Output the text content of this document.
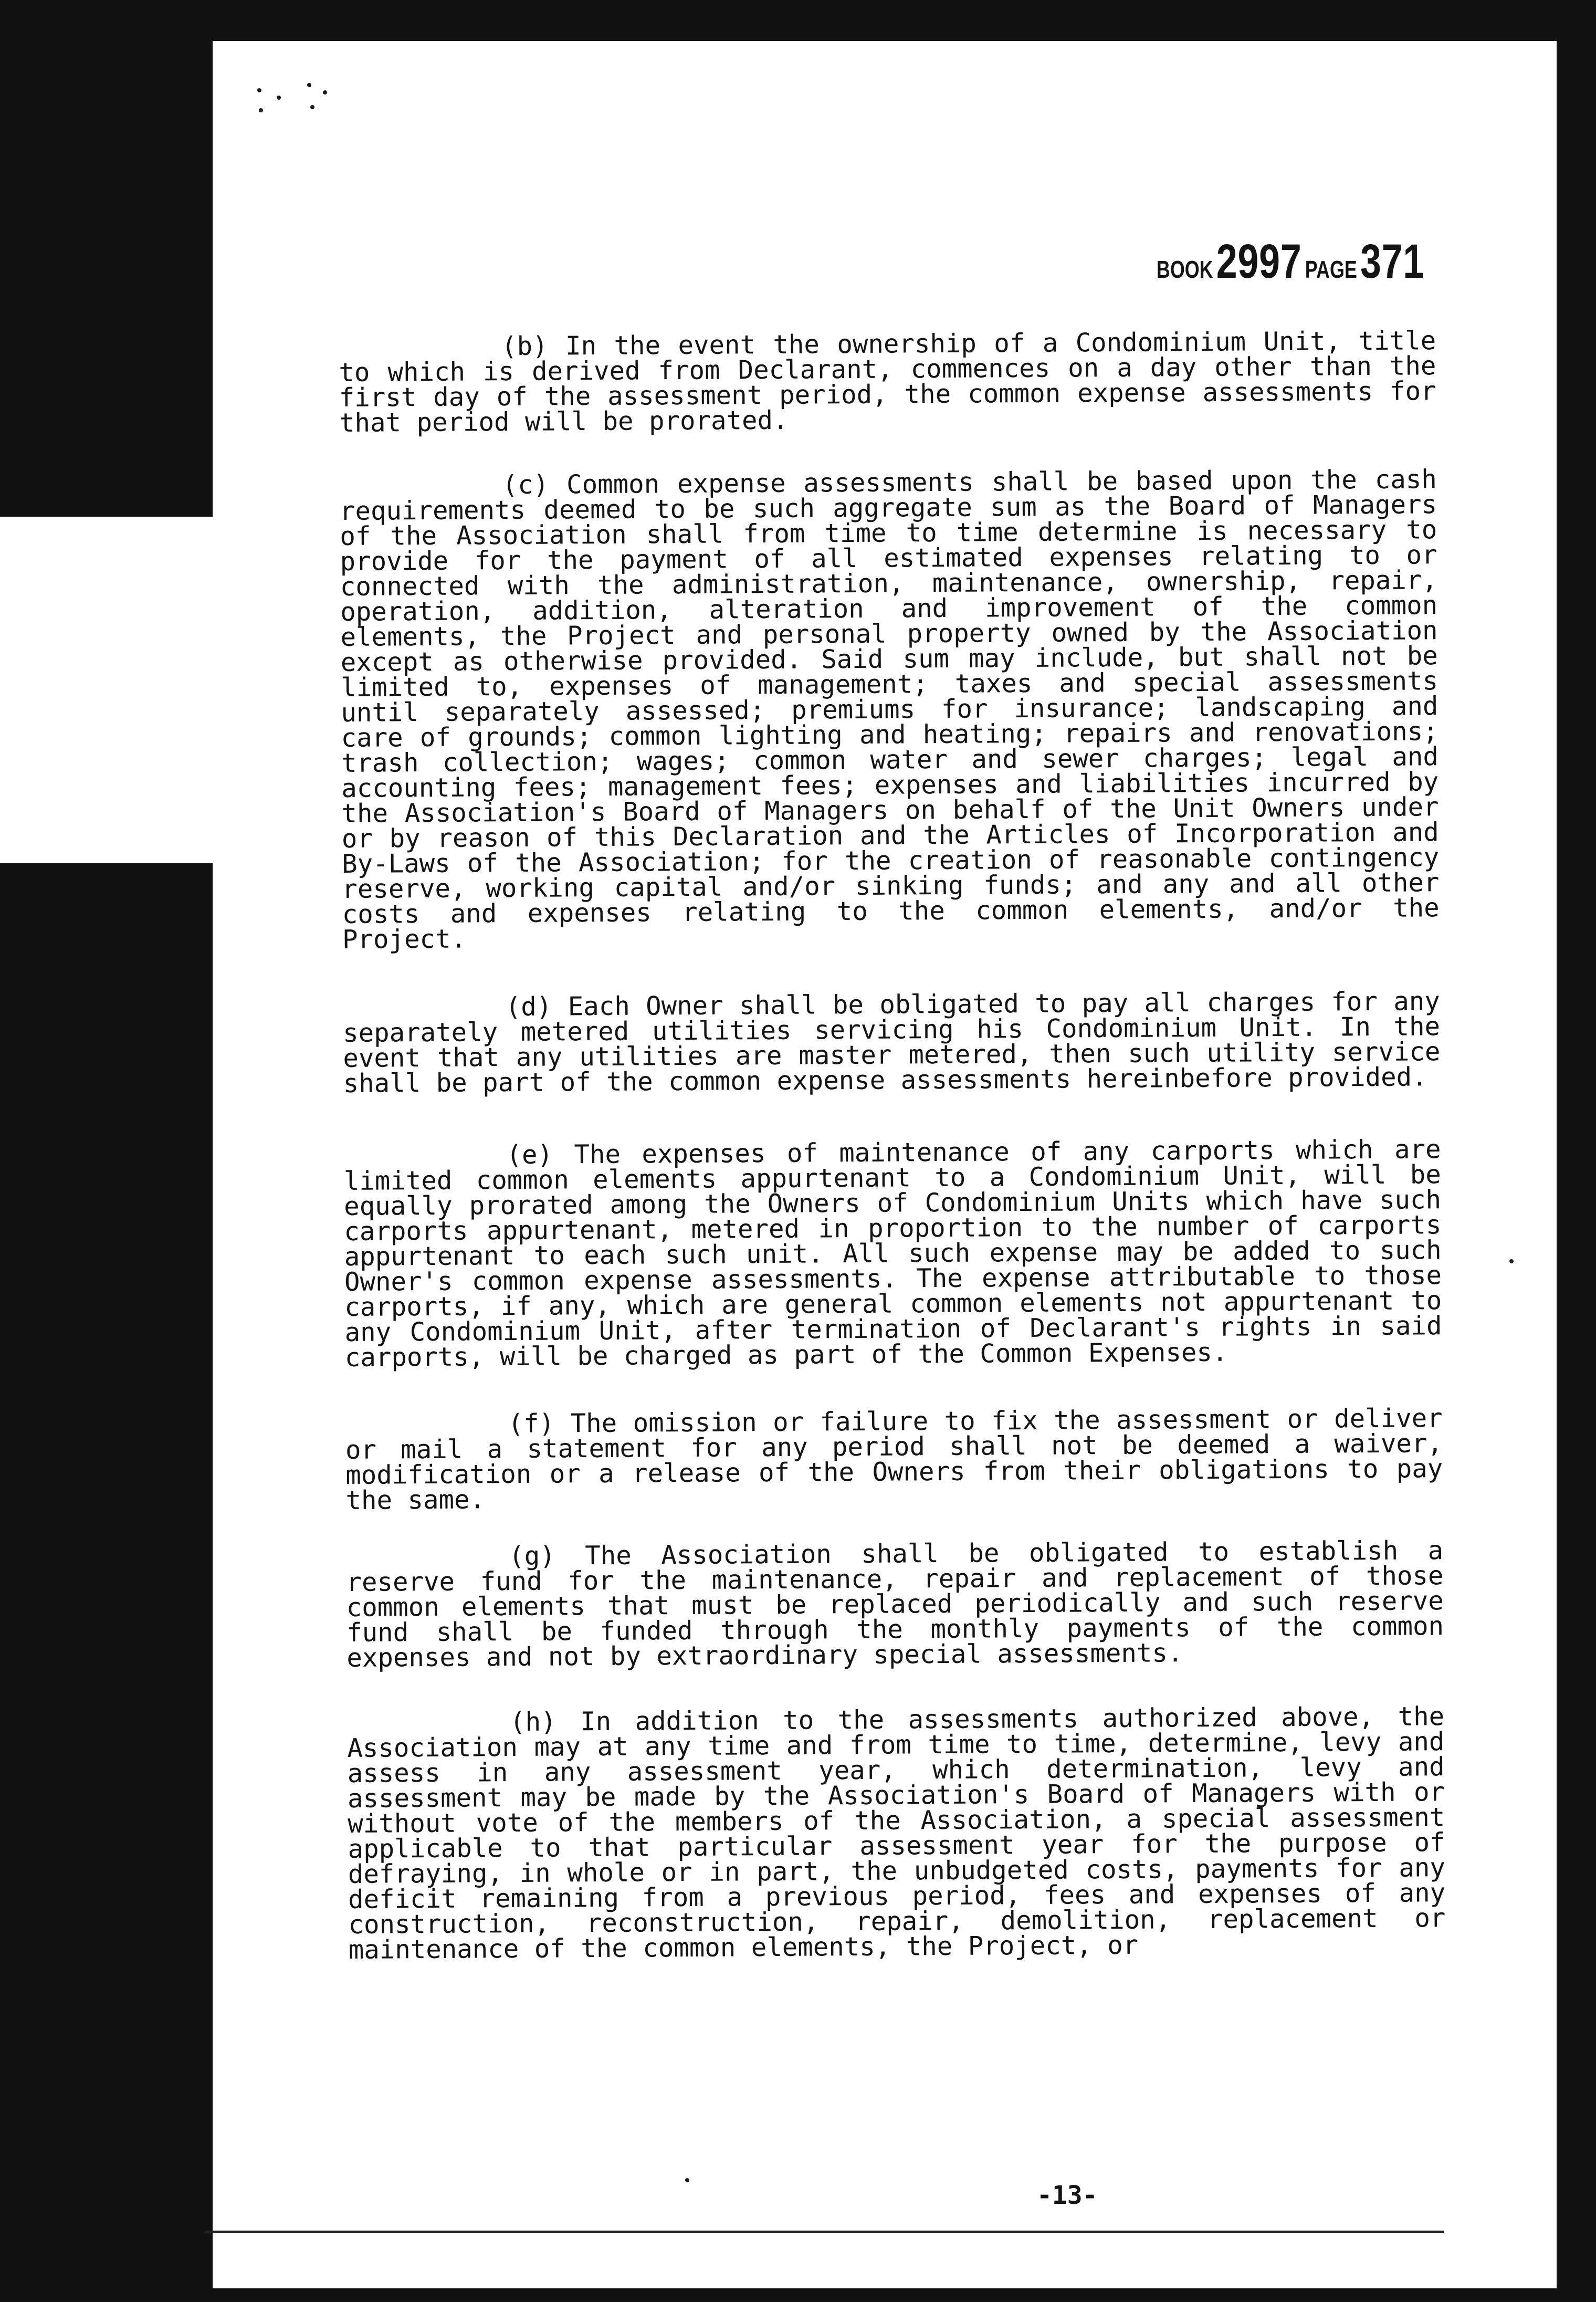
BOOK 2997 PAGE 371

(b) In the event the ownership of a Condominium Unit, title to which is derived from Declarant, commences on a day other than the first day of the assessment period, the common expense assessments for that period will be prorated.

(c) Common expense assessments shall be based upon the cash requirements deemed to be such aggregate sum as the Board of Managers of the Association shall from time to time determine is necessary to provide for the payment of all estimated expenses relating to or connected with the administration, maintenance, ownership, repair, operation, addition, alteration and improvement of the common elements, the Project and personal property owned by the Association except as otherwise provided. Said sum may include, but shall not be limited to, expenses of management; taxes and special assessments until separately assessed; premiums for insurance; landscaping and care of grounds; common lighting and heating; repairs and renovations; trash collection; wages; common water and sewer charges; legal and accounting fees; management fees; expenses and liabilities incurred by the Association's Board of Managers on behalf of the Unit Owners under or by reason of this Declaration and the Articles of Incorporation and By-Laws of the Association; for the creation of reasonable contingency reserve, working capital and/or sinking funds; and any and all other costs and expenses relating to the common elements, and/or the Project.

(d) Each Owner shall be obligated to pay all charges for any separately metered utilities servicing his Condominium Unit. In the event that any utilities are master metered, then such utility service shall be part of the common expense assessments hereinbefore provided.

(e) The expenses of maintenance of any carports which are limited common elements appurtenant to a Condominium Unit, will be equally prorated among the Owners of Condominium Units which have such carports appurtenant, metered in proportion to the number of carports appurtenant to each such unit. All such expense may be added to such Owner's common expense assessments. The expense attributable to those carports, if any, which are general common elements not appurtenant to any Condominium Unit, after termination of Declarant's rights in said carports, will be charged as part of the Common Expenses.

(f) The omission or failure to fix the assessment or deliver or mail a statement for any period shall not be deemed a waiver, modification or a release of the Owners from their obligations to pay the same.

(g) The Association shall be obligated to establish a reserve fund for the maintenance, repair and replacement of those common elements that must be replaced periodically and such reserve fund shall be funded through the monthly payments of the common expenses and not by extraordinary special assessments.

(h) In addition to the assessments authorized above, the Association may at any time and from time to time, determine, levy and assess in any assessment year, which determination, levy and assessment may be made by the Association's Board of Managers with or without vote of the members of the Association, a special assessment applicable to that particular assessment year for the purpose of defraying, in whole or in part, the unbudgeted costs, payments for any deficit remaining from a previous period, fees and expenses of any construction, reconstruction, repair, demolition, replacement or maintenance of the common elements, the Project, or

-13-
